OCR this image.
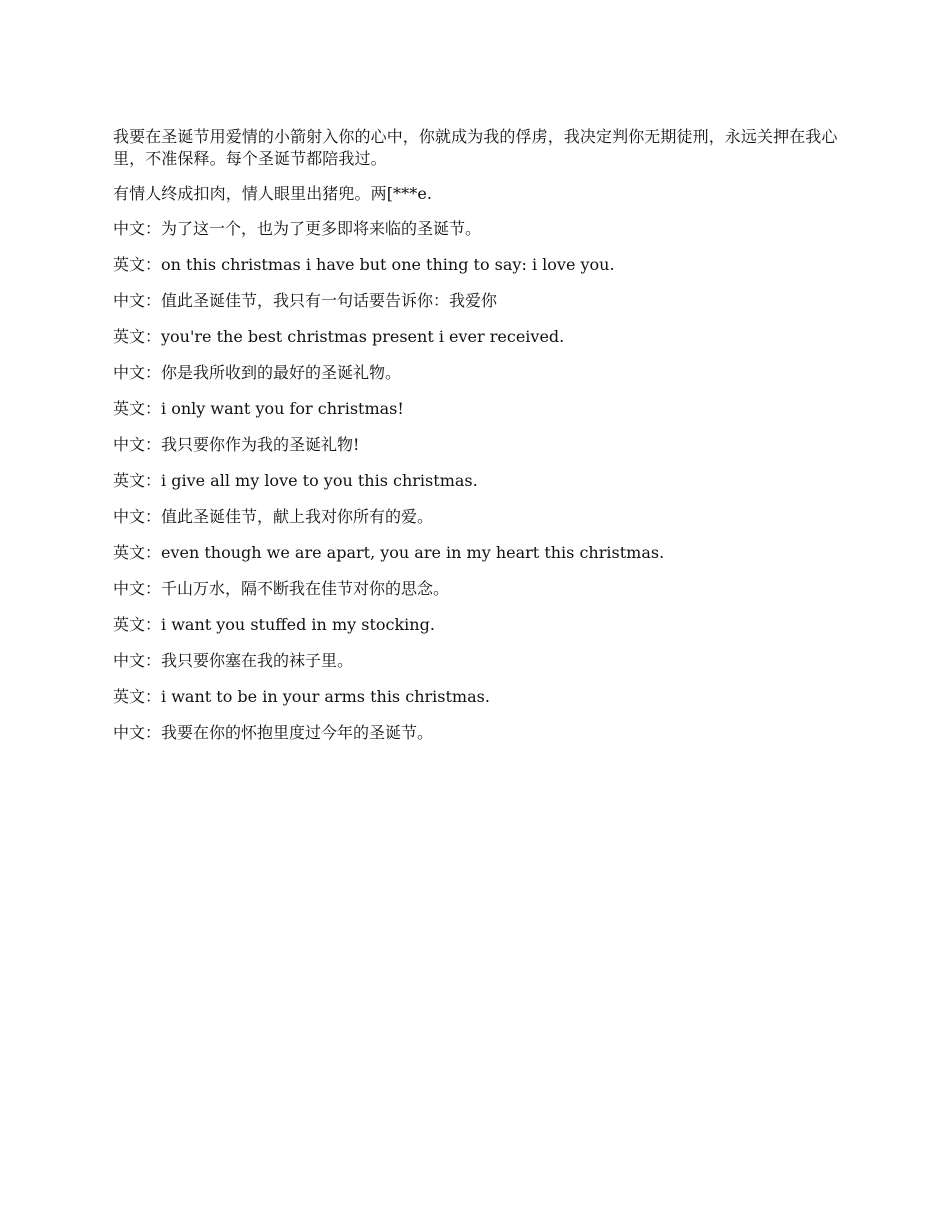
我要在圣诞节用爱情的小箭射入你的心中，你就成为我的俘虏，我决定判你无期徒刑，永远关押在我心里，不准保释。每个圣诞节都陪我过。

有情人终成扣肉，情人眼里出猪兜。两[***e.

中文：为了这一个，也为了更多即将来临的圣诞节。

英文：on this christmas i have but one thing to say: i love you.

中文：值此圣诞佳节，我只有一句话要告诉你：我爱你

英文：you're the best christmas present i ever received.

中文：你是我所收到的最好的圣诞礼物。

英文：i only want you for christmas!

中文：我只要你作为我的圣诞礼物!

英文：i give all my love to you this christmas.

中文：值此圣诞佳节，献上我对你所有的爱。

英文：even though we are apart, you are in my heart this christmas.

中文：千山万水，隔不断我在佳节对你的思念。

英文：i want you stuffed in my stocking.

中文：我只要你塞在我的袜子里。

英文：i want to be in your arms this christmas.

中文：我要在你的怀抱里度过今年的圣诞节。
